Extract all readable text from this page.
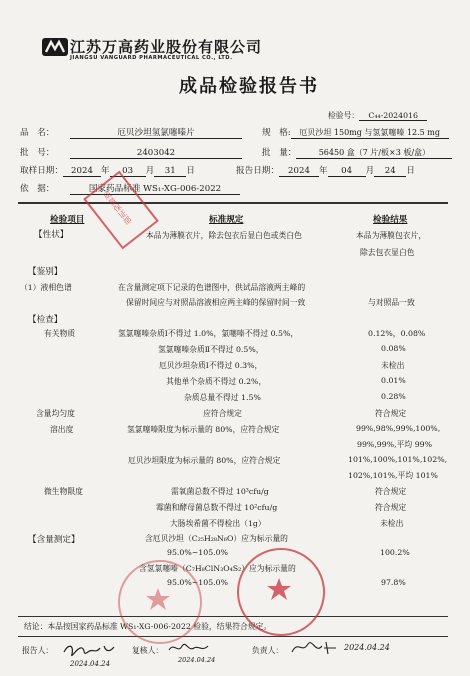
江苏万高药业股份有限公司
JIANGSU VANGUARD PHARMACEUTICAL CO., LTD.
成品检验报告书
检验号： C₄₄-2024016
品　名：	厄贝沙坦氢氯噻嗪片	规　格: 厄贝沙坦 150mg 与氢氯噻嗪 12.5 mg
批　号：	2403042	批　量：	56450 盒（7 片/板×3 板/盒）
取样日期： 2024 年 03 月 31 日	报告日期： 2024 年 04 月 24 日
依　据：	国家药品标准 WS₁-XG-006-2022
检验项目	标准规定	检验结果
【性状】	本品为薄膜衣片，除去包衣后显白色或类白色	本品为薄膜包衣片，
除去包衣显白色
【鉴别】
（1）液相色谱	在含量测定项下记录的色谱图中，供试品溶液两主峰的
保留时间应与对照品溶液相应两主峰的保留时间一致	与对照品一致
【检查】
有关物质	氢氯噻嗪杂质Ⅰ不得过 1.0%，氯噻嗪不得过 0.5%，	0.12%，0.08%
氢氯噻嗪杂质Ⅱ不得过 0.5%，	0.08%
厄贝沙坦杂质Ⅰ不得过 0.3%，	未检出
其他单个杂质不得过 0.2%，	0.01%
杂质总量不得过 1.5%	0.28%
含量均匀度	应符合规定	符合规定
溶出度	氢氯噻嗪限度为标示量的 80%，应符合规定	99%,98%,99%,100%,
99%,99%,平均 99%
厄贝沙坦限度为标示量的 80%，应符合规定	101%,100%,101%,102%,
102%,101%,平均 101%
微生物限度	需氧菌总数不得过 10³cfu/g	符合规定
霉菌和酵母菌总数不得过 10²cfu/g	符合规定
大肠埃希菌不得检出（1g）	未检出
【含量测定】	含厄贝沙坦（C₂₅H₂₈N₆O）应为标示量的
95.0%~105.0%	100.2%
含氢氯噻嗪（C₇H₈ClN₃O₄S₂）应为标示量的
95.0%~105.0%	97.8%
结论：本品按国家药品标准 WS₁-XG-006-2022 检验，结果符合规定。
报告人：
2024.04.24
复核人：
2024.04.24
负责人：	2024.04.24
质量保证部
